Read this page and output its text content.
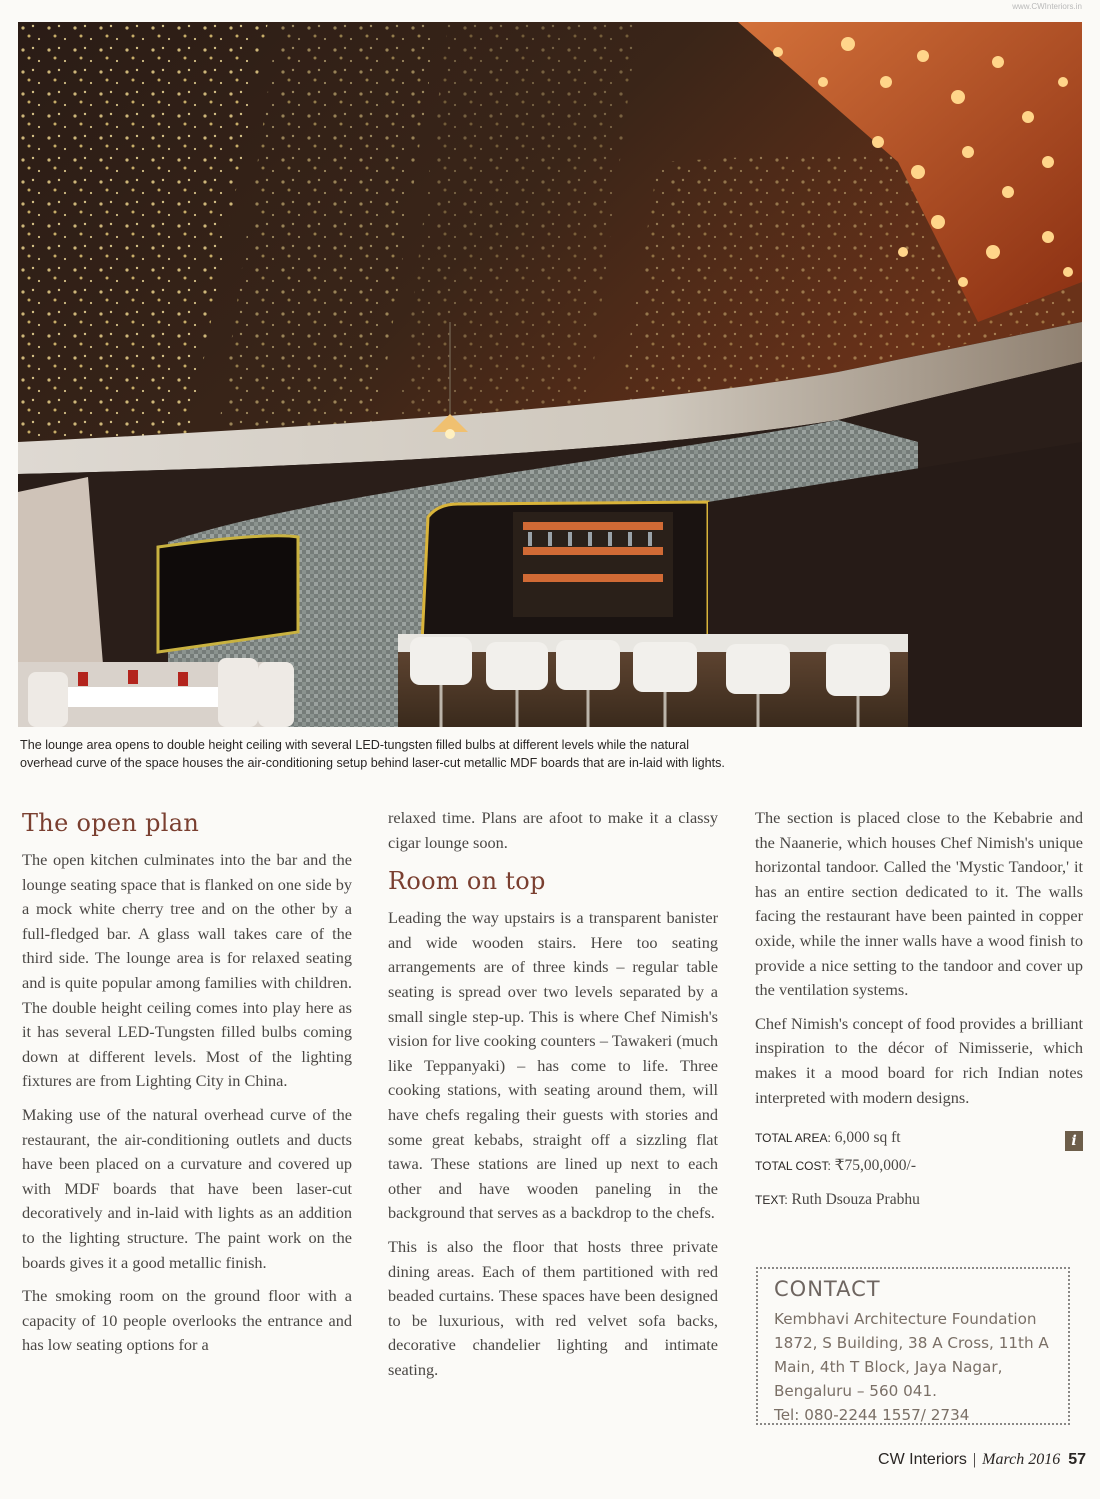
www.CWInteriors.in

The lounge area opens to double height ceiling with several LED-tungsten filled bulbs at different levels while the natural

overhead curve of the space houses the air-conditioning setup behind laser-cut metallic MDF boards that are in-laid with lights.

The open plan

The open kitchen culminates into the bar and the lounge seating space that is flanked on one side by a mock white cherry tree and on the other by a full-fledged bar. A glass wall takes care of the third side. The lounge area is for relaxed seating and is quite popular among families with children. The double height ceiling comes into play here as it has several LED-Tungsten filled bulbs coming down at different levels. Most of the lighting fixtures are from Lighting City in China.

Making use of the natural overhead curve of the restaurant, the air-conditioning outlets and ducts have been placed on a curvature and covered up with MDF boards that have been laser-cut decoratively and in-laid with lights as an addition to the lighting structure. The paint work on the boards gives it a good metallic finish.

The smoking room on the ground floor with a capacity of 10 people overlooks the entrance and has low seating options for a

relaxed time. Plans are afoot to make it a classy cigar lounge soon.

Room on top

Leading the way upstairs is a transparent banister and wide wooden stairs. Here too seating arrangements are of three kinds – regular table seating is spread over two levels separated by a small single step-up. This is where Chef Nimish's vision for live cooking counters – Tawakeri (much like Teppanyaki) – has come to life. Three cooking stations, with seating around them, will have chefs regaling their guests with stories and some great kebabs, straight off a sizzling flat tawa. These stations are lined up next to each other and have wooden paneling in the background that serves as a backdrop to the chefs.

This is also the floor that hosts three private dining areas. Each of them partitioned with red beaded curtains. These spaces have been designed to be luxurious, with red velvet sofa backs, decorative chandelier lighting and intimate seating.

The section is placed close to the Kebabrie and the Naanerie, which houses Chef Nimish's unique horizontal tandoor. Called the 'Mystic Tandoor,' it has an entire section dedicated to it. The walls facing the restaurant have been painted in copper oxide, while the inner walls have a wood finish to provide a nice setting to the tandoor and cover up the ventilation systems.

Chef Nimish's concept of food provides a brilliant inspiration to the décor of Nimisserie, which makes it a mood board for rich Indian notes interpreted with modern designs.

TOTAL AREA: 6,000 sq ft
TOTAL COST: ₹75,00,000/-
TEXT: Ruth Dsouza Prabhu
i
CONTACT
Kembhavi Architecture Foundation
1872, S Building, 38 A Cross, 11th A
Main, 4th T Block, Jaya Nagar,
Bengaluru – 560 041.
Tel: 080-2244 1557/ 2734
CW Interiors | March 2016 57
